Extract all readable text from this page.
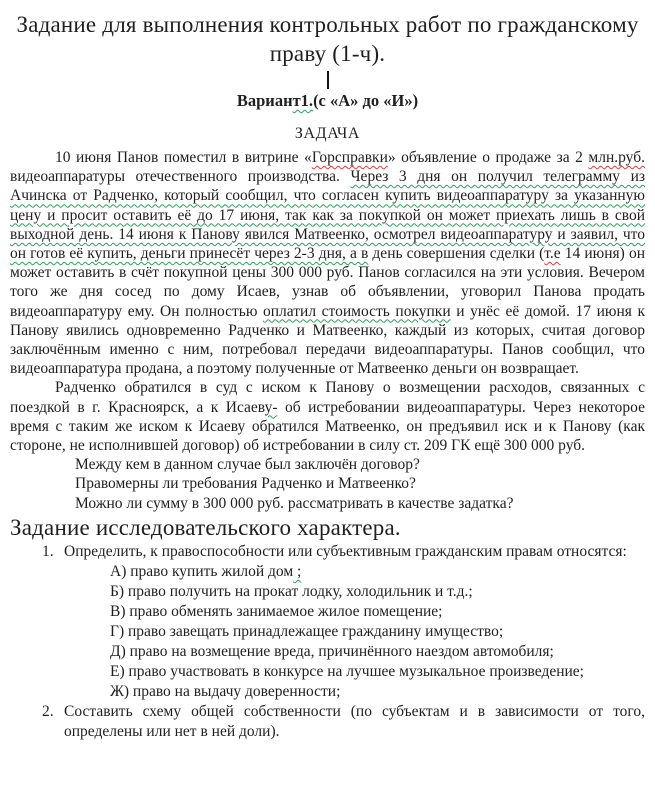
Задание для выполнения контрольных работ по гражданскому праву (1-ч).
Вариант1.(с «А» до «И»)
ЗАДАЧА

10 июня Панов поместил в витрине «Горсправки» объявление о продаже за 2 млн.руб. видеоаппаратуры отечественного производства. Через 3 дня он получил телеграмму из Ачинска от Радченко, который сообщил, что согласен купить видеоаппаратуру за указанную цену и просит оставить её до 17 июня, так как за покупкой он может приехать лишь в свой выходной день. 14 июня к Панову явился Матвеенко, осмотрел видеоаппаратуру и заявил, что он готов её купить, деньги принесёт через 2-3 дня, а в день совершения сделки (т.е 14 июня) он может оставить в счёт покупной цены 300 000 руб. Панов согласился на эти условия. Вечером того же дня сосед по дому Исаев, узнав об объявлении, уговорил Панова продать видеоаппаратуру ему. Он полностью оплатил стоимость покупки и унёс её домой. 17 июня к Панову явились одновременно Радченко и Матвеенко, каждый из которых, считая договор заключённым именно с ним, потребовал передачи видеоаппаратуры. Панов сообщил, что видеоаппаратура продана, а поэтому полученные от Матвеенко деньги он возвращает.

Радченко обратился в суд с иском к Панову о возмещении расходов, связанных с поездкой в г. Красноярск, а к Исаеву- об истребовании видеоаппаратуры. Через некоторое время с таким же иском к Исаеву обратился Матвеенко, он предъявил иск и к Панову (как стороне, не исполнившей договор) об истребовании в силу ст. 209 ГК ещё 300 000 руб.

Между кем в данном случае был заключён договор?
Правомерны ли требования Радченко и Матвеенко?
Можно ли сумму в 300 000 руб. рассматривать в качестве задатка?
Задание исследовательского характера.
1. Определить, к правоспособности или субъективным гражданским правам относятся:

А) право купить жилой дом ;
Б) право получить на прокат лодку, холодильник и т.д.;
В) право обменять занимаемое жилое помещение;
Г) право завещать принадлежащее гражданину имущество;
Д) право на возмещение вреда, причинённого наездом автомобиля;
Е) право участвовать в конкурсе на лучшее музыкальное произведение;
Ж) право на выдачу доверенности;
2. Составить схему общей собственности (по субъектам и в зависимости от того, определены или нет в ней доли).
